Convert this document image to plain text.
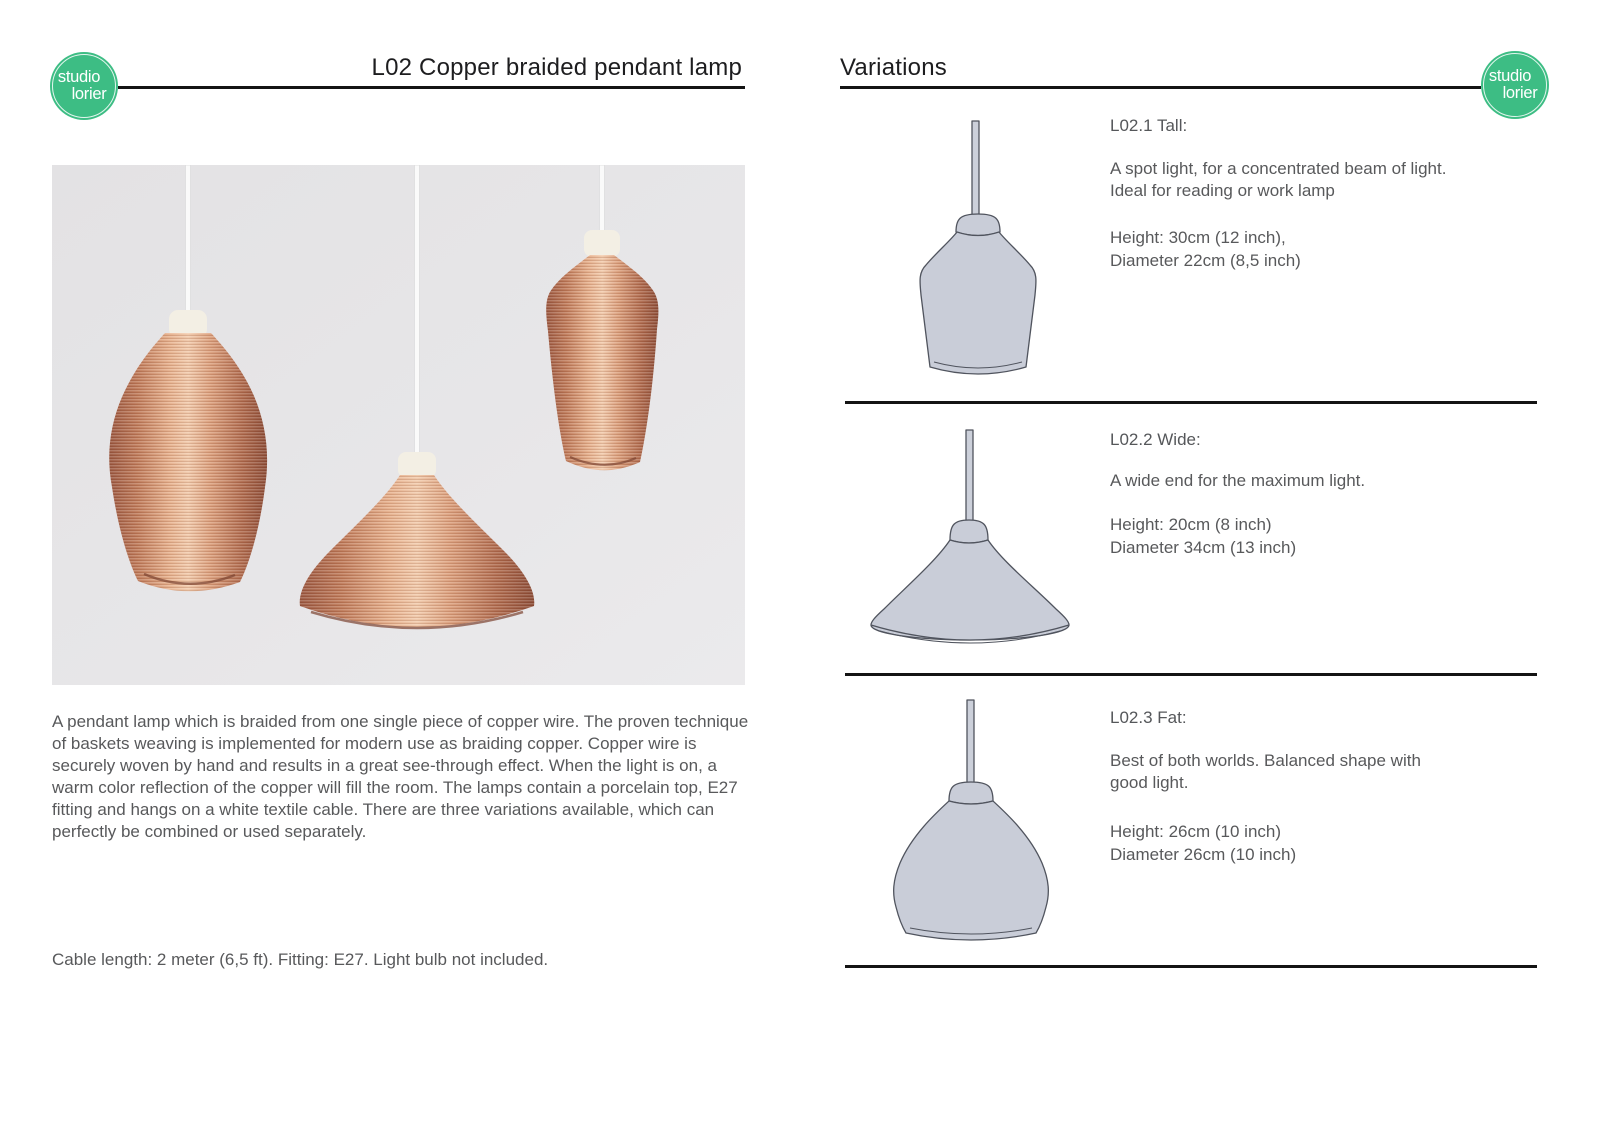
studio
lorier
studio
lorier
L02 Copper braided pendant lamp	Variations
A pendant lamp which is braided from one single piece of copper wire. The proven technique of baskets weaving is implemented for modern use as braiding copper. Copper wire is securely woven by hand and results in a great see-through effect. When the light is on, a warm color reflection of the copper will fill the room. The lamps contain a porcelain top, E27 fitting and hangs on a white textile cable. There are three variations available, which can perfectly be combined or used separately.
Cable length: 2 meter (6,5 ft). Fitting: E27. Light bulb not included.
L02.1 Tall:
A spot light, for a concentrated beam of light.
Ideal for reading or work lamp
Height: 30cm (12 inch),
Diameter 22cm (8,5 inch)
L02.2 Wide:
A wide end for the maximum light.
Height: 20cm (8 inch)
Diameter 34cm (13 inch)
L02.3 Fat:
Best of both worlds. Balanced shape with
good light.
Height: 26cm (10 inch)
Diameter 26cm (10 inch)
